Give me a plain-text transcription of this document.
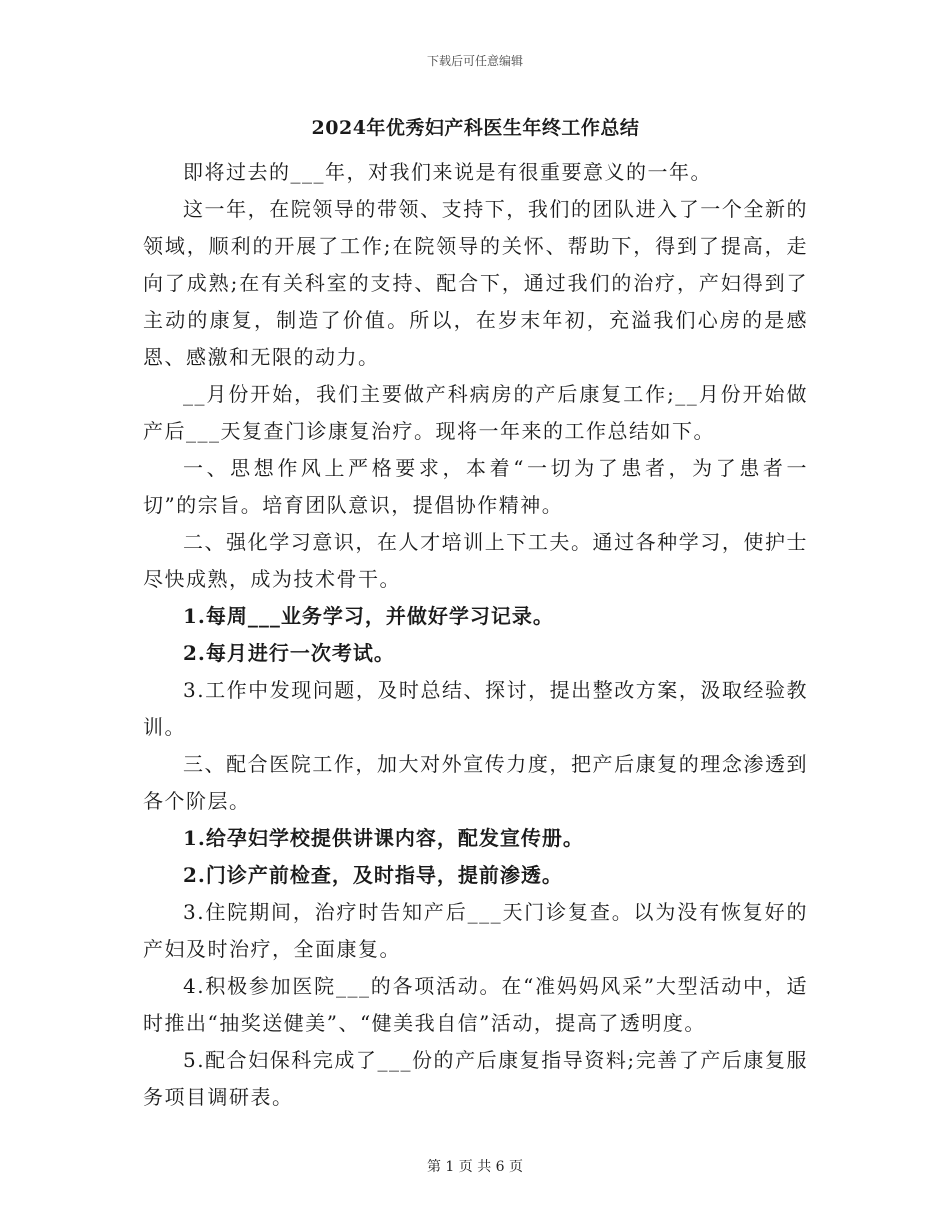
下载后可任意编辑
2024年优秀妇产科医生年终工作总结

即将过去的___年，对我们来说是有很重要意义的一年。

这一年，在院领导的带领、支持下，我们的团队进入了一个全新的领域，顺利的开展了工作;在院领导的关怀、帮助下，得到了提高，走向了成熟;在有关科室的支持、配合下，通过我们的治疗，产妇得到了主动的康复，制造了价值。所以，在岁末年初，充溢我们心房的是感恩、感激和无限的动力。

__月份开始，我们主要做产科病房的产后康复工作;__月份开始做产后___天复查门诊康复治疗。现将一年来的工作总结如下。

一、思想作风上严格要求，本着“一切为了患者，为了患者一切”的宗旨。培育团队意识，提倡协作精神。

二、强化学习意识，在人才培训上下工夫。通过各种学习，使护士尽快成熟，成为技术骨干。

1.每周___业务学习，并做好学习记录。

2.每月进行一次考试。

3.工作中发现问题，及时总结、探讨，提出整改方案，汲取经验教训。

三、配合医院工作，加大对外宣传力度，把产后康复的理念渗透到各个阶层。

1.给孕妇学校提供讲课内容，配发宣传册。

2.门诊产前检查，及时指导，提前渗透。

3.住院期间，治疗时告知产后___天门诊复查。以为没有恢复好的产妇及时治疗，全面康复。

4.积极参加医院___的各项活动。在“准妈妈风采”大型活动中，适时推出“抽奖送健美”、“健美我自信”活动，提高了透明度。

5.配合妇保科完成了___份的产后康复指导资料;完善了产后康复服务项目调研表。

第 1 页 共 6 页
